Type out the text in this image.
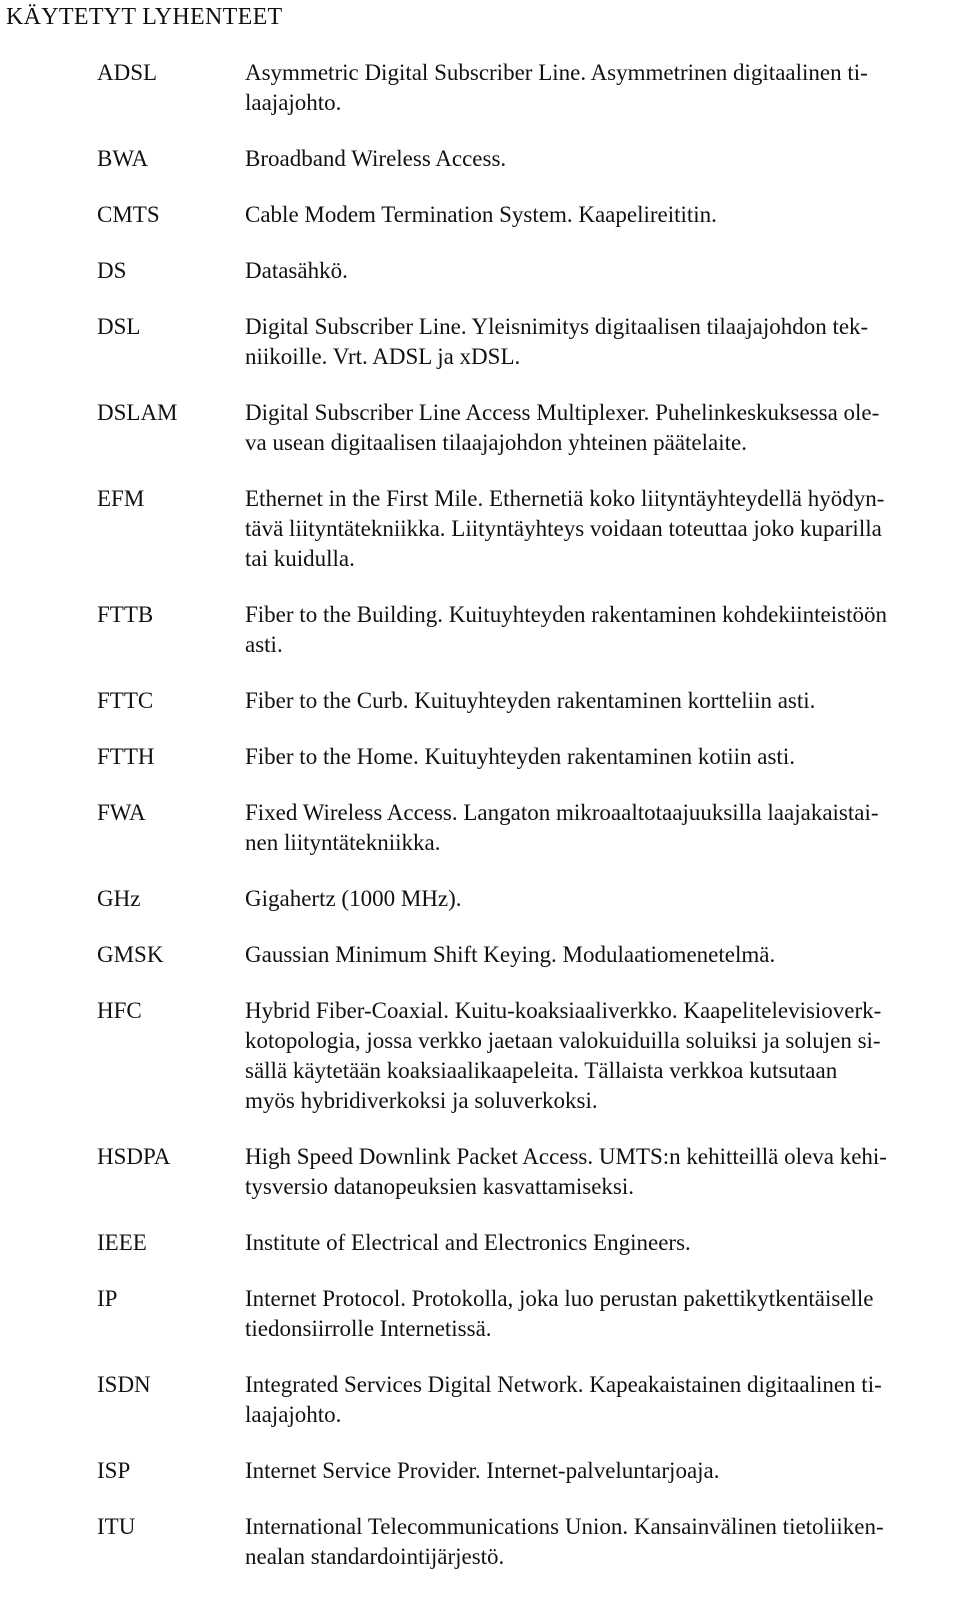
KÄYTETYT LYHENTEET
ADSL	Asymmetric Digital Subscriber Line. Asymmetrinen digitaalinen ti-
laajajohto.
BWA	Broadband Wireless Access.
CMTS	Cable Modem Termination System. Kaapelireititin.
DS	Datasähkö.
DSL	Digital Subscriber Line. Yleisnimitys digitaalisen tilaajajohdon tek-
niikoille. Vrt. ADSL ja xDSL.
DSLAM	Digital Subscriber Line Access Multiplexer. Puhelinkeskuksessa ole-
va usean digitaalisen tilaajajohdon yhteinen päätelaite.
EFM	Ethernet in the First Mile. Ethernetiä koko liityntäyhteydellä hyödyn-
tävä liityntätekniikka. Liityntäyhteys voidaan toteuttaa joko kuparilla
tai kuidulla.
FTTB	Fiber to the Building. Kuituyhteyden rakentaminen kohdekiinteistöön
asti.
FTTC	Fiber to the Curb. Kuituyhteyden rakentaminen kortteliin asti.
FTTH	Fiber to the Home. Kuituyhteyden rakentaminen kotiin asti.
FWA	Fixed Wireless Access. Langaton mikroaaltotaajuuksilla laajakaistai-
nen liityntätekniikka.
GHz	Gigahertz (1000 MHz).
GMSK	Gaussian Minimum Shift Keying. Modulaatiomenetelmä.
HFC	Hybrid Fiber-Coaxial. Kuitu-koaksiaaliverkko. Kaapelitelevisioverk-
kotopologia, jossa verkko jaetaan valokuiduilla soluiksi ja solujen si-
sällä käytetään koaksiaalikaapeleita. Tällaista verkkoa kutsutaan
myös hybridiverkoksi ja soluverkoksi.
HSDPA	High Speed Downlink Packet Access. UMTS:n kehitteillä oleva kehi-
tysversio datanopeuksien kasvattamiseksi.
IEEE	Institute of Electrical and Electronics Engineers.
IP	Internet Protocol. Protokolla, joka luo perustan pakettikytkentäiselle
tiedonsiirrolle Internetissä.
ISDN	Integrated Services Digital Network. Kapeakaistainen digitaalinen ti-
laajajohto.
ISP	Internet Service Provider. Internet-palveluntarjoaja.
ITU	International Telecommunications Union. Kansainvälinen tietoliiken-
nealan standardointijärjestö.
